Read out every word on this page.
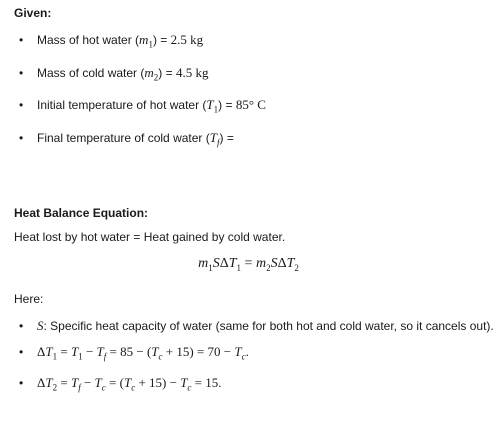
Given:
• Mass of hot water $(m_1) = 2.5$ kg
• Mass of cold water $(m_2) = 4.5$ kg
• Initial temperature of hot water $(T_1) = 85^\circ$ C
• Final temperature of cold water $(T_f)$ =
Heat Balance Equation:
Heat lost by hot water = Heat gained by cold water.
$m_1S\Delta T_1 = m_2S\Delta T_2$
Here:
• S: Specific heat capacity of water (same for both hot and cold water, so it cancels out).
• $\Delta T_1 = T_1 - T_f = 85 - (T_c + 15) = 70 - T_c$.
• $\Delta T_2 = T_f - T_c = (T_c + 15) - T_c = 15$.
